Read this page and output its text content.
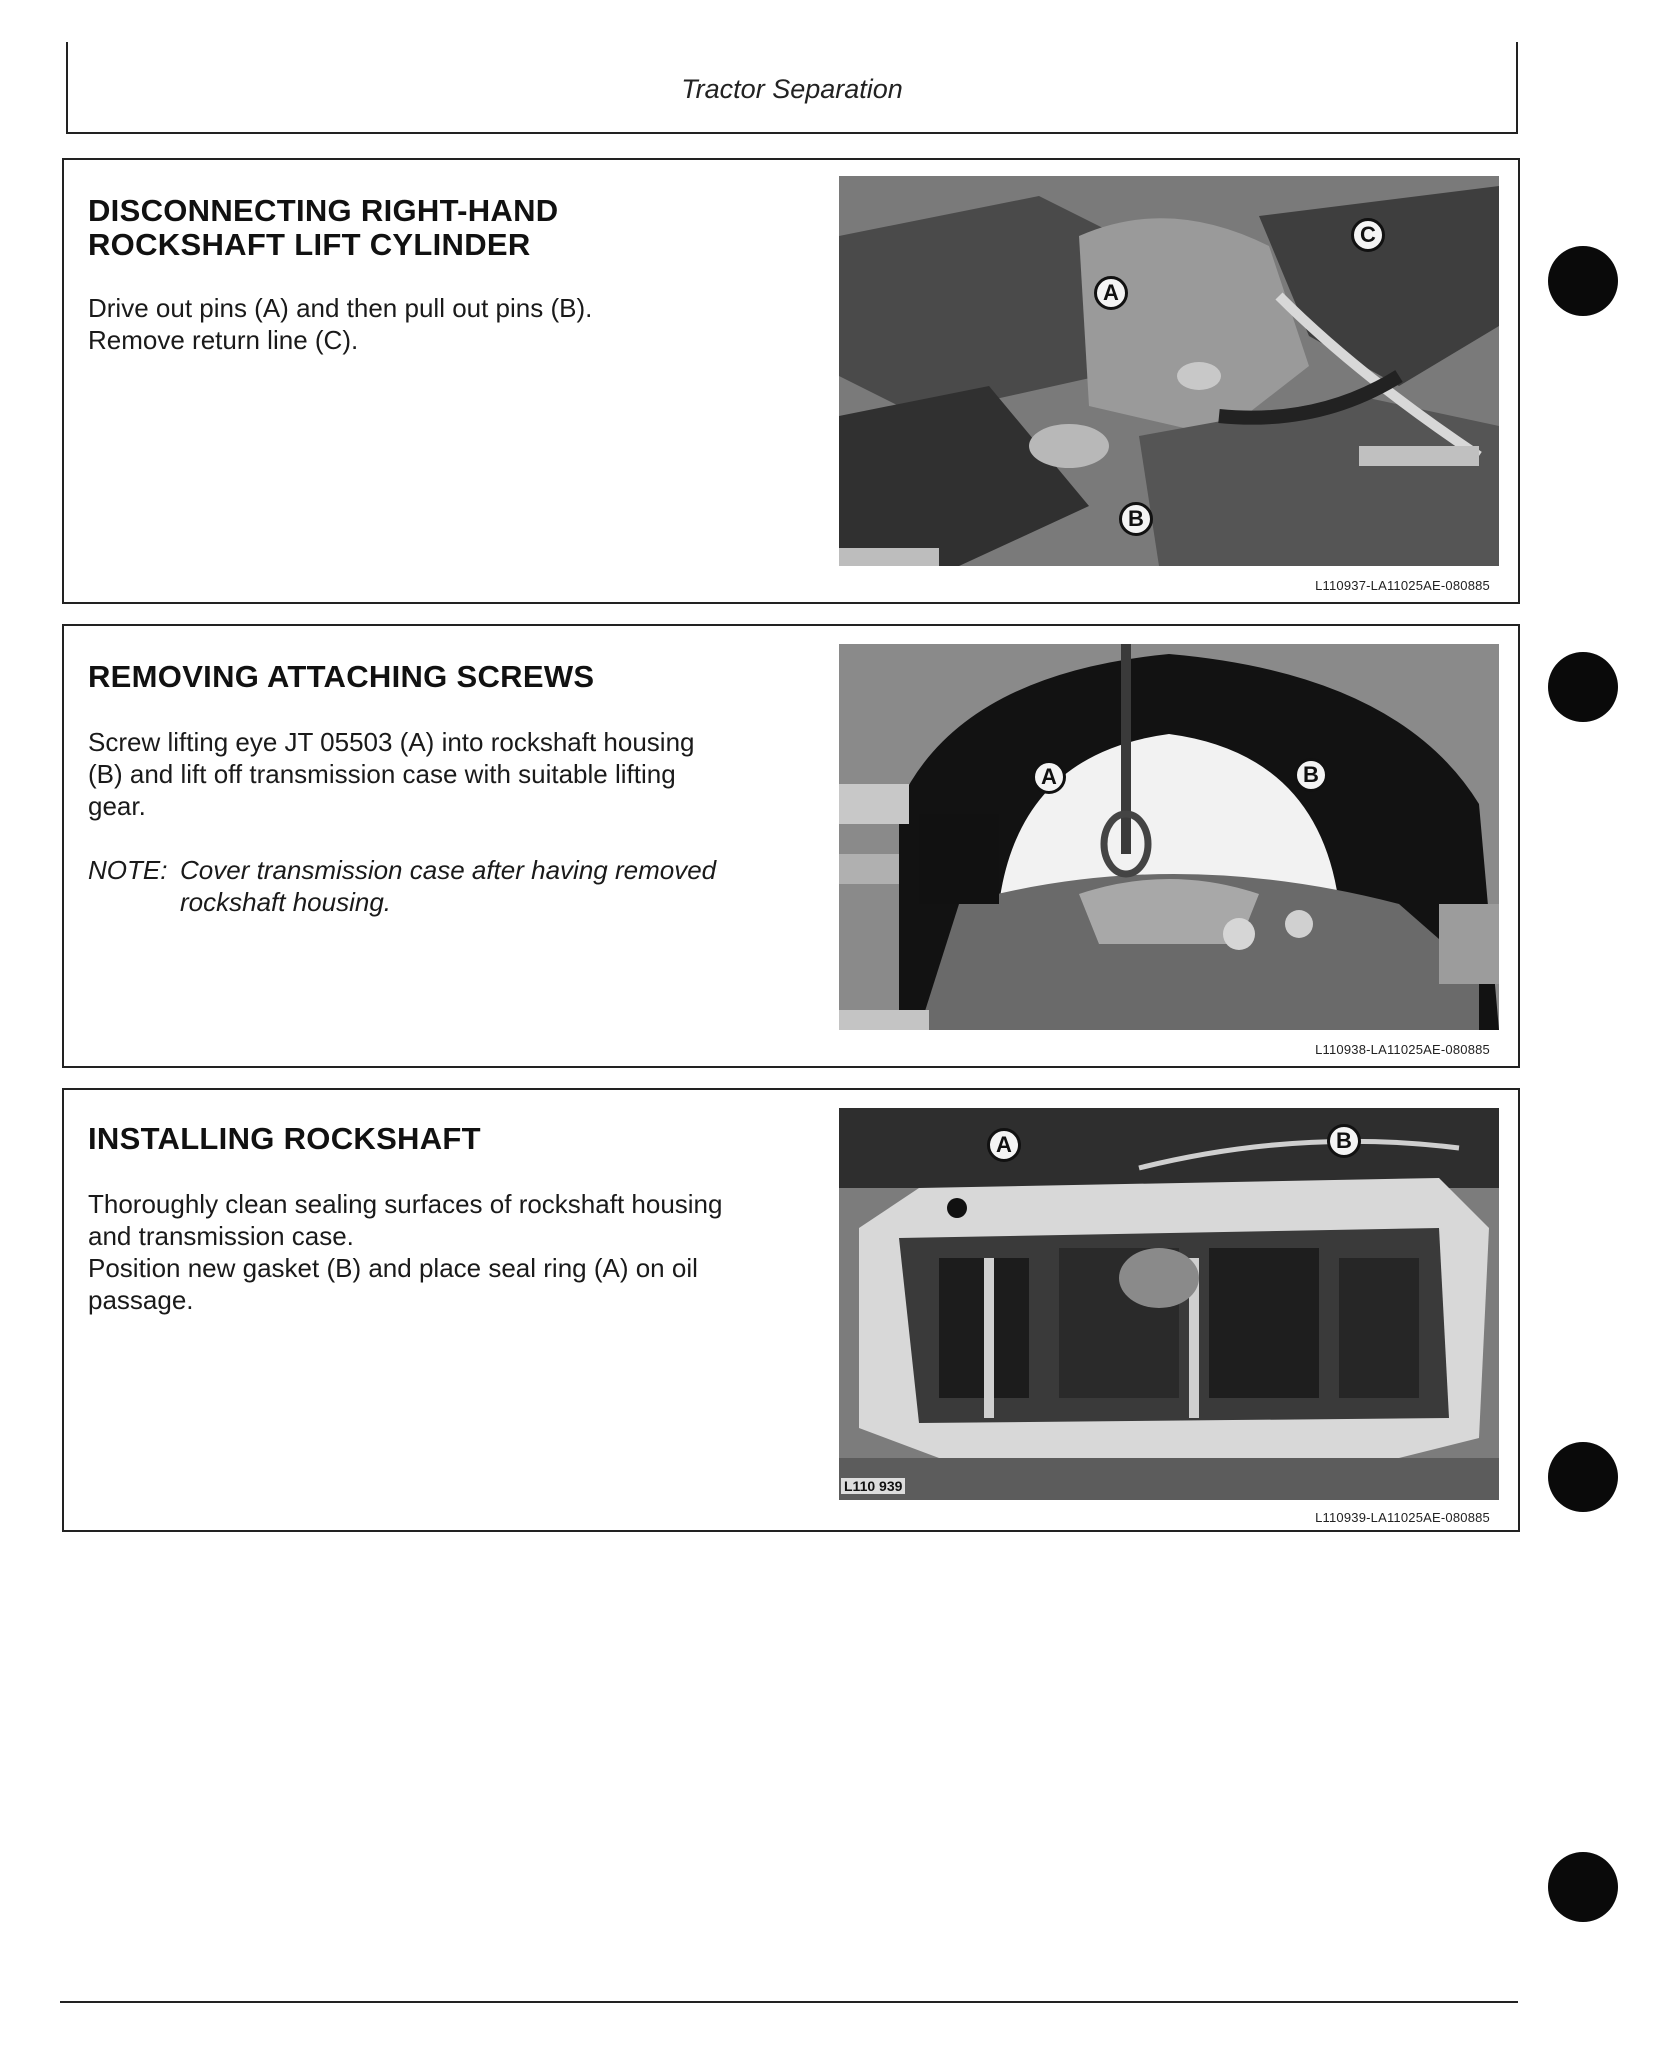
Tractor Separation
DISCONNECTING RIGHT-HAND
ROCKSHAFT LIFT CYLINDER

Drive out pins (A) and then pull out pins (B).

Remove return line (C).

A
B
C
L110937-LA11025AE-080885
REMOVING ATTACHING SCREWS

Screw lifting eye JT 05503 (A) into rockshaft housing

(B) and lift off transmission case with suitable lifting

gear.

NOTE: Cover transmission case after having removed
rockshaft housing.
A	B
L110938-LA11025AE-080885
INSTALLING ROCKSHAFT

Thoroughly clean sealing surfaces of rockshaft housing

and transmission case.

Position new gasket (B) and place seal ring (A) on oil

passage.

L110 939
A	B
L110939-LA11025AE-080885
